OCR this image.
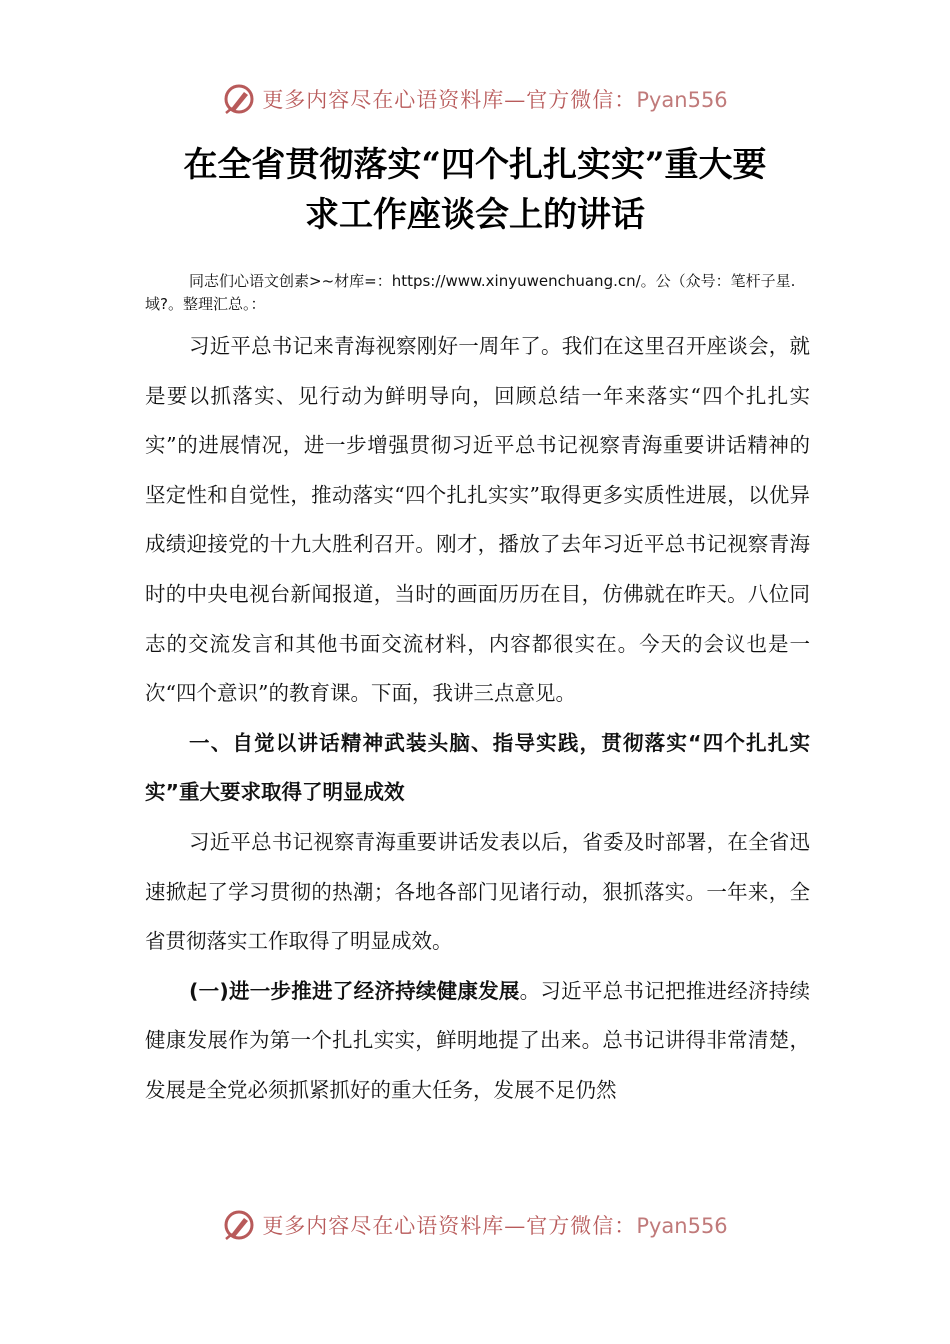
更多内容尽在心语资料库—官方微信：Pyan556
在全省贯彻落实“四个扎扎实实”重大要
求工作座谈会上的讲话
同志们心语文创素>~材库=：https://www.xinyuwenchuang.cn/。公（众号：笔杆子星.域?。整理汇总。：

习近平总书记来青海视察刚好一周年了。我们在这里召开座谈会，就是要以抓落实、见行动为鲜明导向，回顾总结一年来落实“四个扎扎实实”的进展情况，进一步增强贯彻习近平总书记视察青海重要讲话精神的坚定性和自觉性，推动落实“四个扎扎实实”取得更多实质性进展，以优异成绩迎接党的十九大胜利召开。刚才，播放了去年习近平总书记视察青海时的中央电视台新闻报道，当时的画面历历在目，仿佛就在昨天。八位同志的交流发言和其他书面交流材料，内容都很实在。今天的会议也是一次“四个意识”的教育课。下面，我讲三点意见。

一、自觉以讲话精神武装头脑、指导实践，贯彻落实“四个扎扎实实”重大要求取得了明显成效

习近平总书记视察青海重要讲话发表以后，省委及时部署，在全省迅速掀起了学习贯彻的热潮；各地各部门见诸行动，狠抓落实。一年来，全省贯彻落实工作取得了明显成效。

(一)进一步推进了经济持续健康发展。习近平总书记把推进经济持续健康发展作为第一个扎扎实实，鲜明地提了出来。总书记讲得非常清楚，发展是全党必须抓紧抓好的重大任务，发展不足仍然

更多内容尽在心语资料库—官方微信：Pyan556
